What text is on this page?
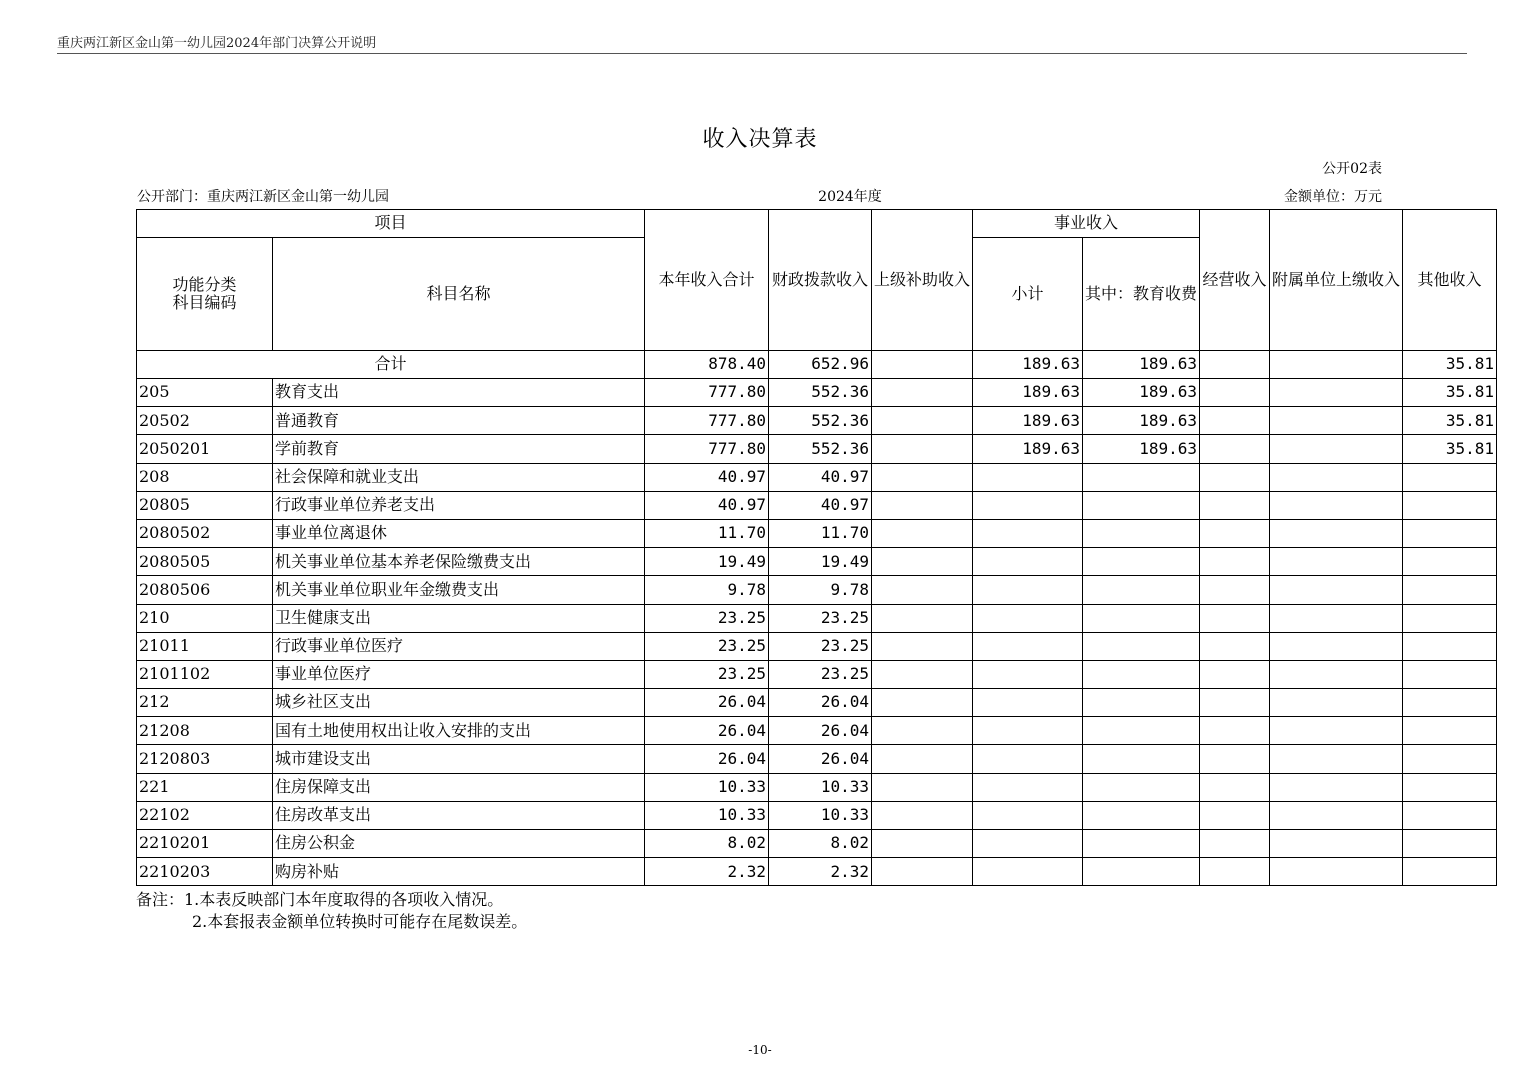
重庆两江新区金山第一幼儿园2024年部门决算公开说明
收入决算表
公开02表
公开部门：重庆两江新区金山第一幼儿园	2024年度	金额单位：万元
项目		本年收入合计	财政拨款收入	上级补助收入	事业收入		经营收入	附属单位上缴收入	其他收入
功能分类
科目编码	科目名称				小计	其中：教育收费			
合计		878.40	652.96		189.63	189.63			35.81
205	教育支出	777.80	552.36		189.63	189.63			35.81
20502	普通教育	777.80	552.36		189.63	189.63			35.81
2050201	学前教育	777.80	552.36		189.63	189.63			35.81
208	社会保障和就业支出	40.97	40.97						
20805	行政事业单位养老支出	40.97	40.97						
2080502	事业单位离退休	11.70	11.70						
2080505	机关事业单位基本养老保险缴费支出	19.49	19.49						
2080506	机关事业单位职业年金缴费支出	9.78	9.78						
210	卫生健康支出	23.25	23.25						
21011	行政事业单位医疗	23.25	23.25						
2101102	事业单位医疗	23.25	23.25						
212	城乡社区支出	26.04	26.04						
21208	国有土地使用权出让收入安排的支出	26.04	26.04						
2120803	城市建设支出	26.04	26.04						
221	住房保障支出	10.33	10.33						
22102	住房改革支出	10.33	10.33						
2210201	住房公积金	8.02	8.02						
2210203	购房补贴	2.32	2.32						
备注：1.本表反映部门本年度取得的各项收入情况。
2.本套报表金额单位转换时可能存在尾数误差。
-10-
